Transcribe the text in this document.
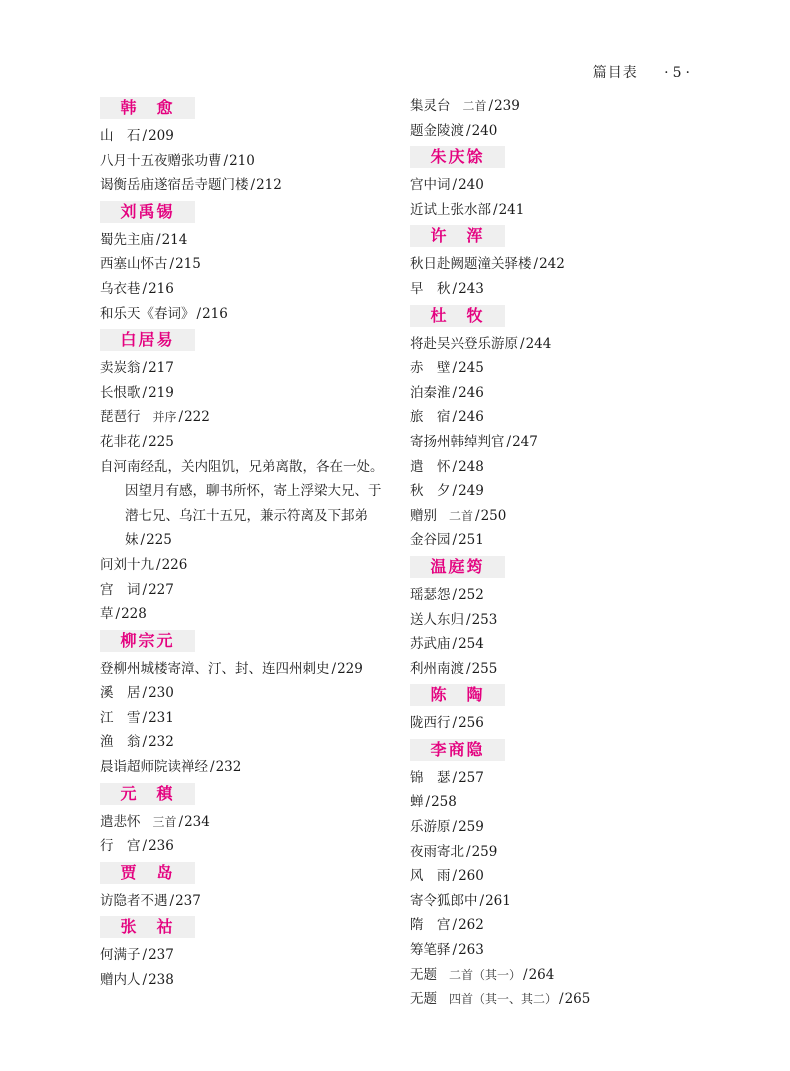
篇目表 · 5 ·
韩　愈
山　石 /209
八月十五夜赠张功曹 /210
谒衡岳庙遂宿岳寺题门楼 /212
刘禹锡
蜀先主庙 /214
西塞山怀古 /215
乌衣巷 /216
和乐天《春词》 /216
白居易
卖炭翁 /217
长恨歌 /219
琵琶行 并序 /222
花非花 /225
自河南经乱，关内阻饥，兄弟离散，各在一处。因望月有感，聊书所怀，寄上浮梁大兄、于潜七兄、乌江十五兄，兼示符离及下邽弟妹 /225
问刘十九 /226
宫　词 /227
草 /228
柳宗元
登柳州城楼寄漳、汀、封、连四州刺史 /229
溪　居 /230
江　雪 /231
渔　翁 /232
晨诣超师院读禅经 /232
元　稹
遣悲怀 三首 /234
行　宫 /236
贾　岛
访隐者不遇 /237
张　祜
何满子 /237
赠内人 /238
集灵台 二首 /239
题金陵渡 /240
朱庆馀
宫中词 /240
近试上张水部 /241
许　浑
秋日赴阙题潼关驿楼 /242
早　秋 /243
杜　牧
将赴吴兴登乐游原 /244
赤　壁 /245
泊秦淮 /246
旅　宿 /246
寄扬州韩绰判官 /247
遣　怀 /248
秋　夕 /249
赠别 二首 /250
金谷园 /251
温庭筠
瑶瑟怨 /252
送人东归 /253
苏武庙 /254
利州南渡 /255
陈　陶
陇西行 /256
李商隐
锦　瑟 /257
蝉 /258
乐游原 /259
夜雨寄北 /259
风　雨 /260
寄令狐郎中 /261
隋　宫 /262
筹笔驿 /263
无题 二首（其一） /264
无题 四首（其一、其二） /265
